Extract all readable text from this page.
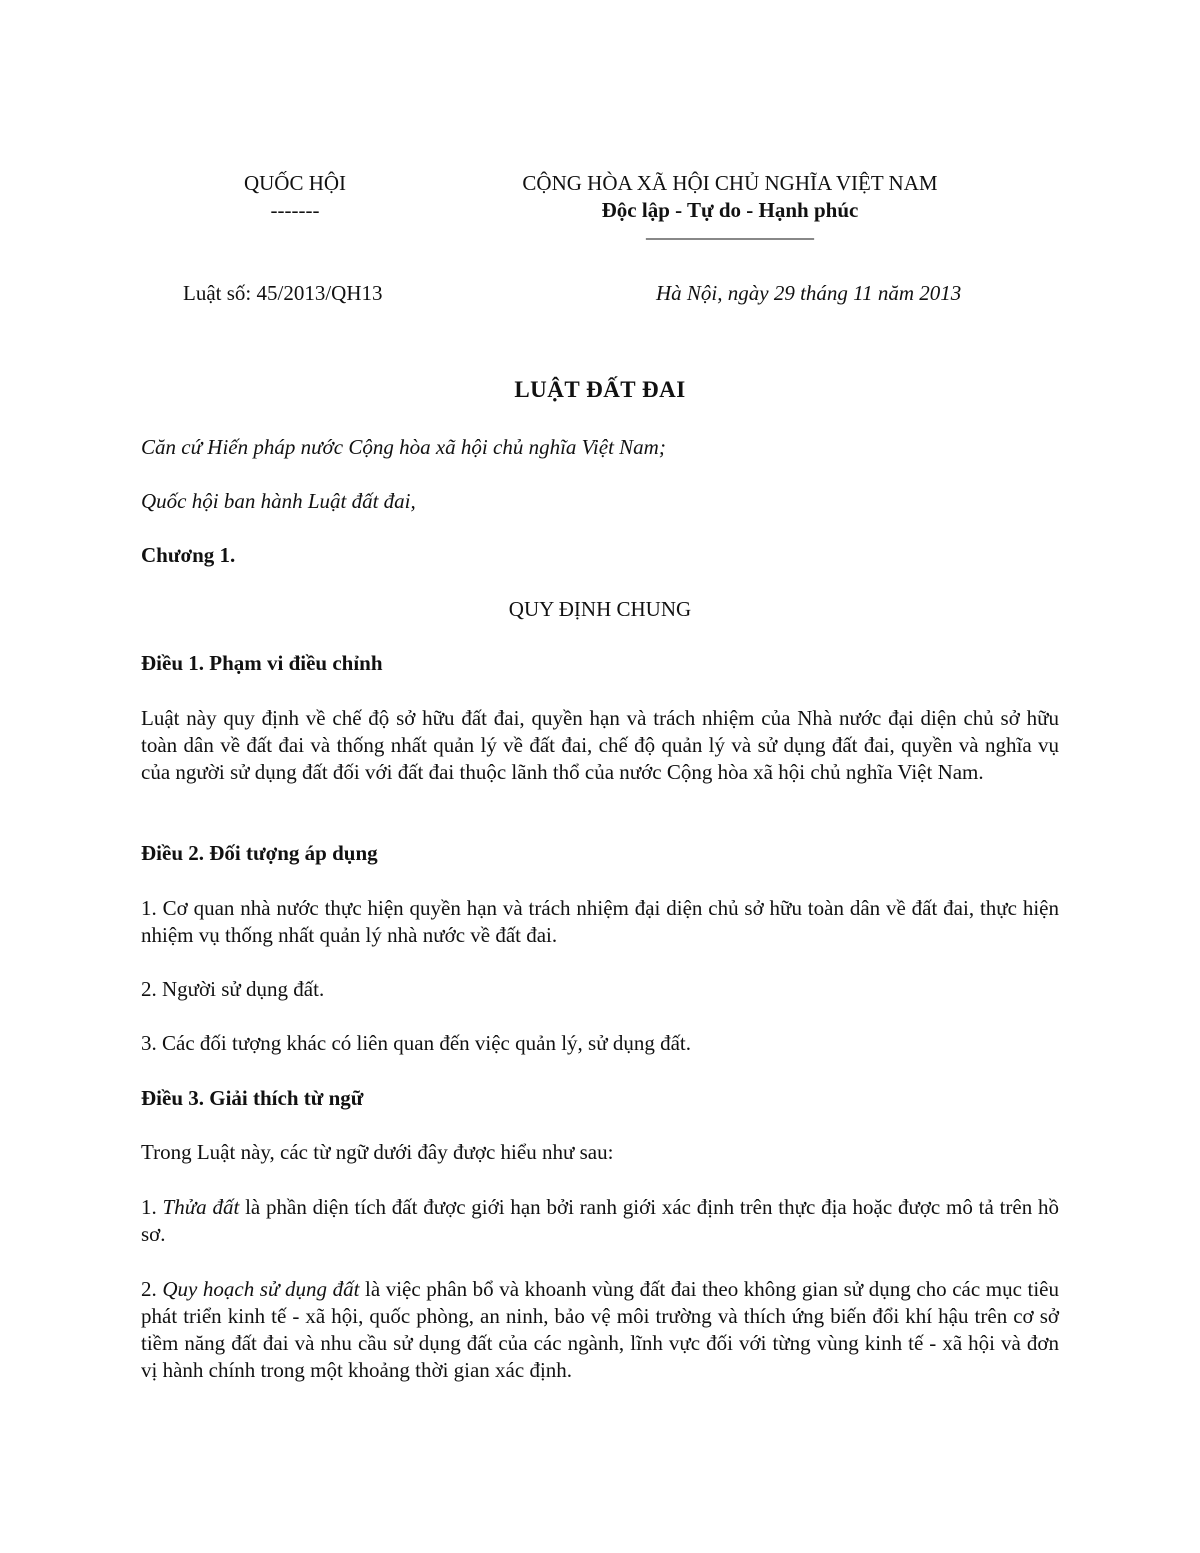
QUỐC HỘI
-------
CỘNG HÒA XÃ HỘI CHỦ NGHĨA VIỆT NAM
Độc lập - Tự do - Hạnh phúc
————————
Luật số: 45/2013/QH13	Hà Nội, ngày 29 tháng 11 năm 2013
LUẬT ĐẤT ĐAI

Căn cứ Hiến pháp nước Cộng hòa xã hội chủ nghĩa Việt Nam;

Quốc hội ban hành Luật đất đai,

Chương 1.

QUY ĐỊNH CHUNG

Điều 1. Phạm vi điều chỉnh

Luật này quy định về chế độ sở hữu đất đai, quyền hạn và trách nhiệm của Nhà nước đại diện chủ sở hữu toàn dân về đất đai và thống nhất quản lý về đất đai, chế độ quản lý và sử dụng đất đai, quyền và nghĩa vụ của người sử dụng đất đối với đất đai thuộc lãnh thổ của nước Cộng hòa xã hội chủ nghĩa Việt Nam.

Điều 2. Đối tượng áp dụng

1. Cơ quan nhà nước thực hiện quyền hạn và trách nhiệm đại diện chủ sở hữu toàn dân về đất đai, thực hiện nhiệm vụ thống nhất quản lý nhà nước về đất đai.

2. Người sử dụng đất.

3. Các đối tượng khác có liên quan đến việc quản lý, sử dụng đất.

Điều 3. Giải thích từ ngữ

Trong Luật này, các từ ngữ dưới đây được hiểu như sau:

1. Thửa đất là phần diện tích đất được giới hạn bởi ranh giới xác định trên thực địa hoặc được mô tả trên hồ sơ.

2. Quy hoạch sử dụng đất là việc phân bổ và khoanh vùng đất đai theo không gian sử dụng cho các mục tiêu phát triển kinh tế - xã hội, quốc phòng, an ninh, bảo vệ môi trường và thích ứng biến đổi khí hậu trên cơ sở tiềm năng đất đai và nhu cầu sử dụng đất của các ngành, lĩnh vực đối với từng vùng kinh tế - xã hội và đơn vị hành chính trong một khoảng thời gian xác định.
